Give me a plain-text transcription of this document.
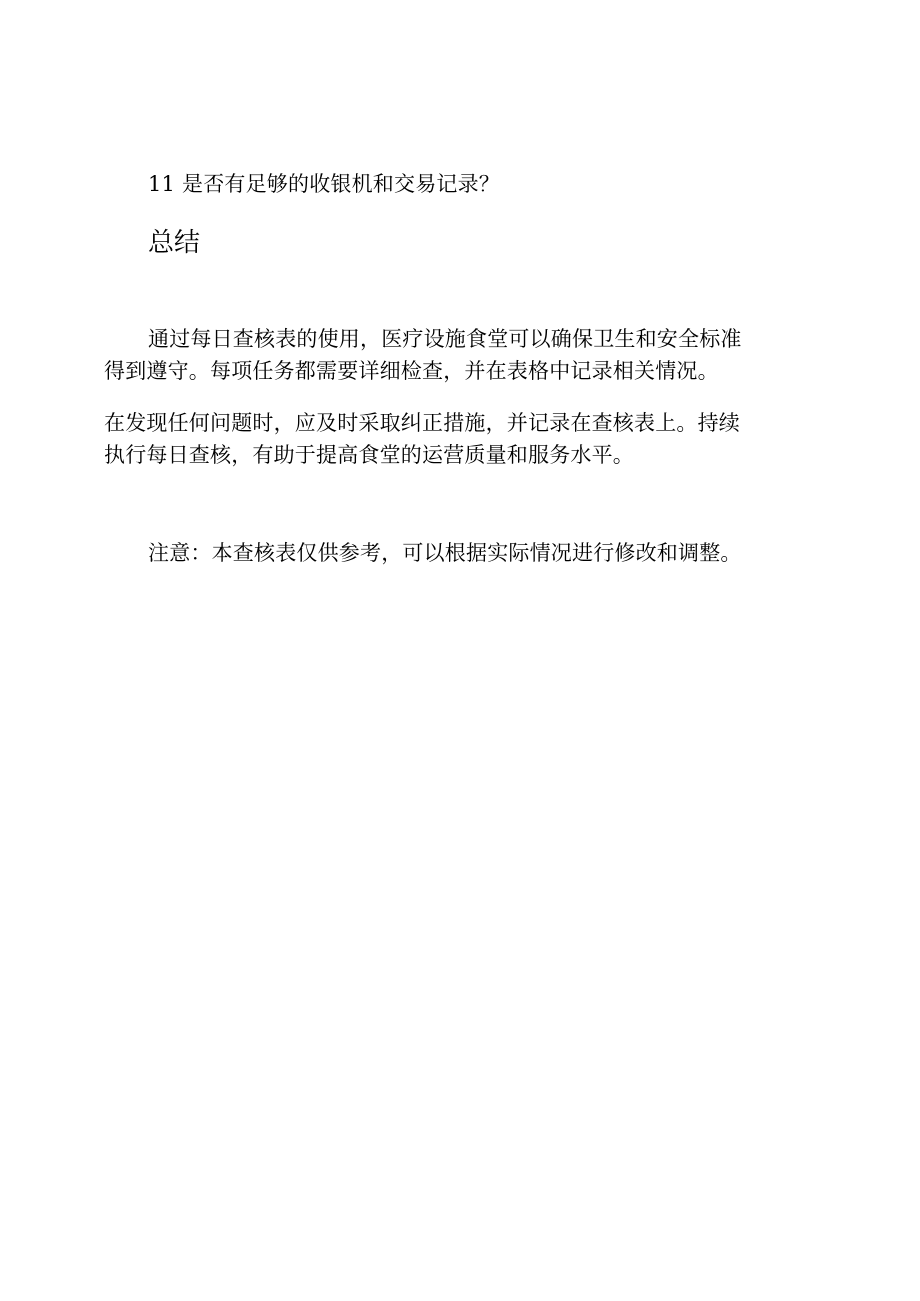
11 是否有足够的收银机和交易记录？

总结

通过每日查核表的使用，医疗设施食堂可以确保卫生和安全标准

得到遵守。每项任务都需要详细检查，并在表格中记录相关情况。

在发现任何问题时，应及时采取纠正措施，并记录在查核表上。持续

执行每日查核，有助于提高食堂的运营质量和服务水平。

注意：本查核表仅供参考，可以根据实际情况进行修改和调整。
